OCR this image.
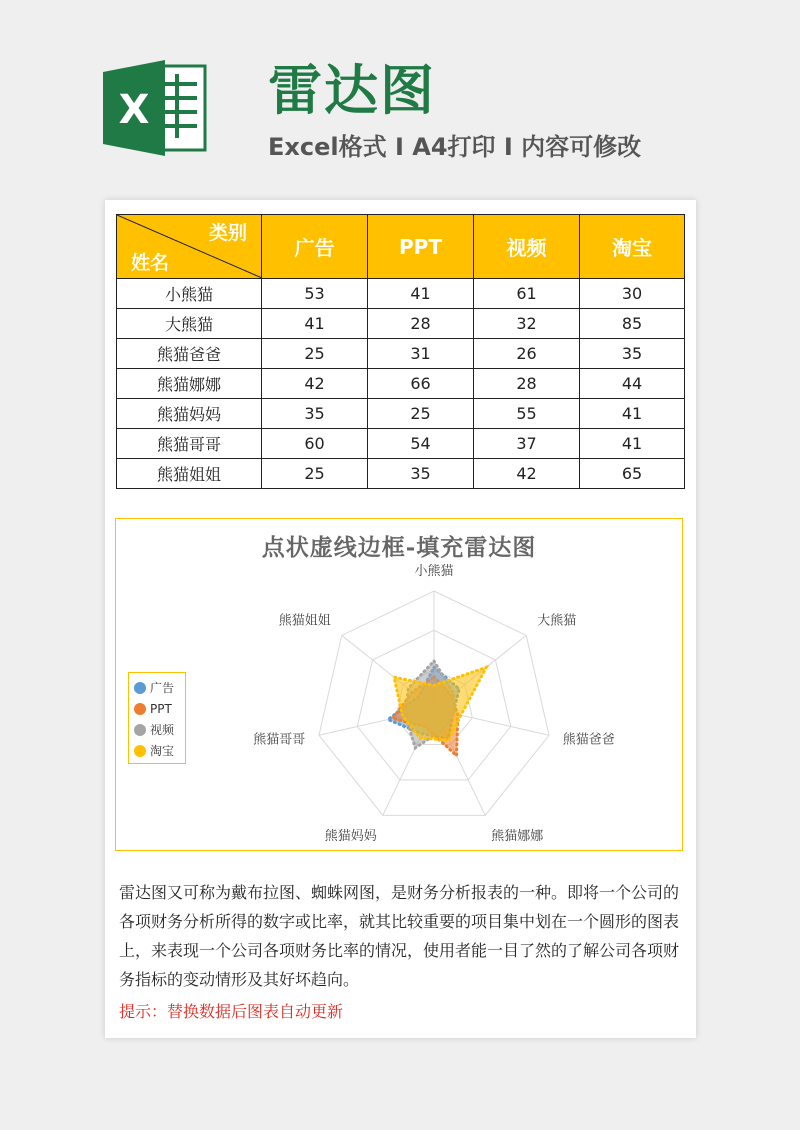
X 雷达图
Excel格式 Ⅰ A4打印 Ⅰ 内容可修改
类别
姓名	广告	PPT	视频	淘宝
小熊猫	53	41	61	30
大熊猫	41	28	32	85
熊猫爸爸	25	31	26	35
熊猫娜娜	42	66	28	44
熊猫妈妈	35	25	55	41
熊猫哥哥	60	54	37	41
熊猫姐姐	25	35	42	65
点状虚线边框-填充雷达图
小熊猫
大熊猫
熊猫爸爸
熊猫娜娜
熊猫妈妈
熊猫哥哥
熊猫姐姐
广告
PPT
视频
淘宝
雷达图又可称为戴布拉图、蜘蛛网图，是财务分析报表的一种。即将一个公司的各项财务分析所得的数字或比率，就其比较重要的项目集中划在一个圆形的图表上，来表现一个公司各项财务比率的情况，使用者能一目了然的了解公司各项财务指标的变动情形及其好坏趋向。
提示：替换数据后图表自动更新
